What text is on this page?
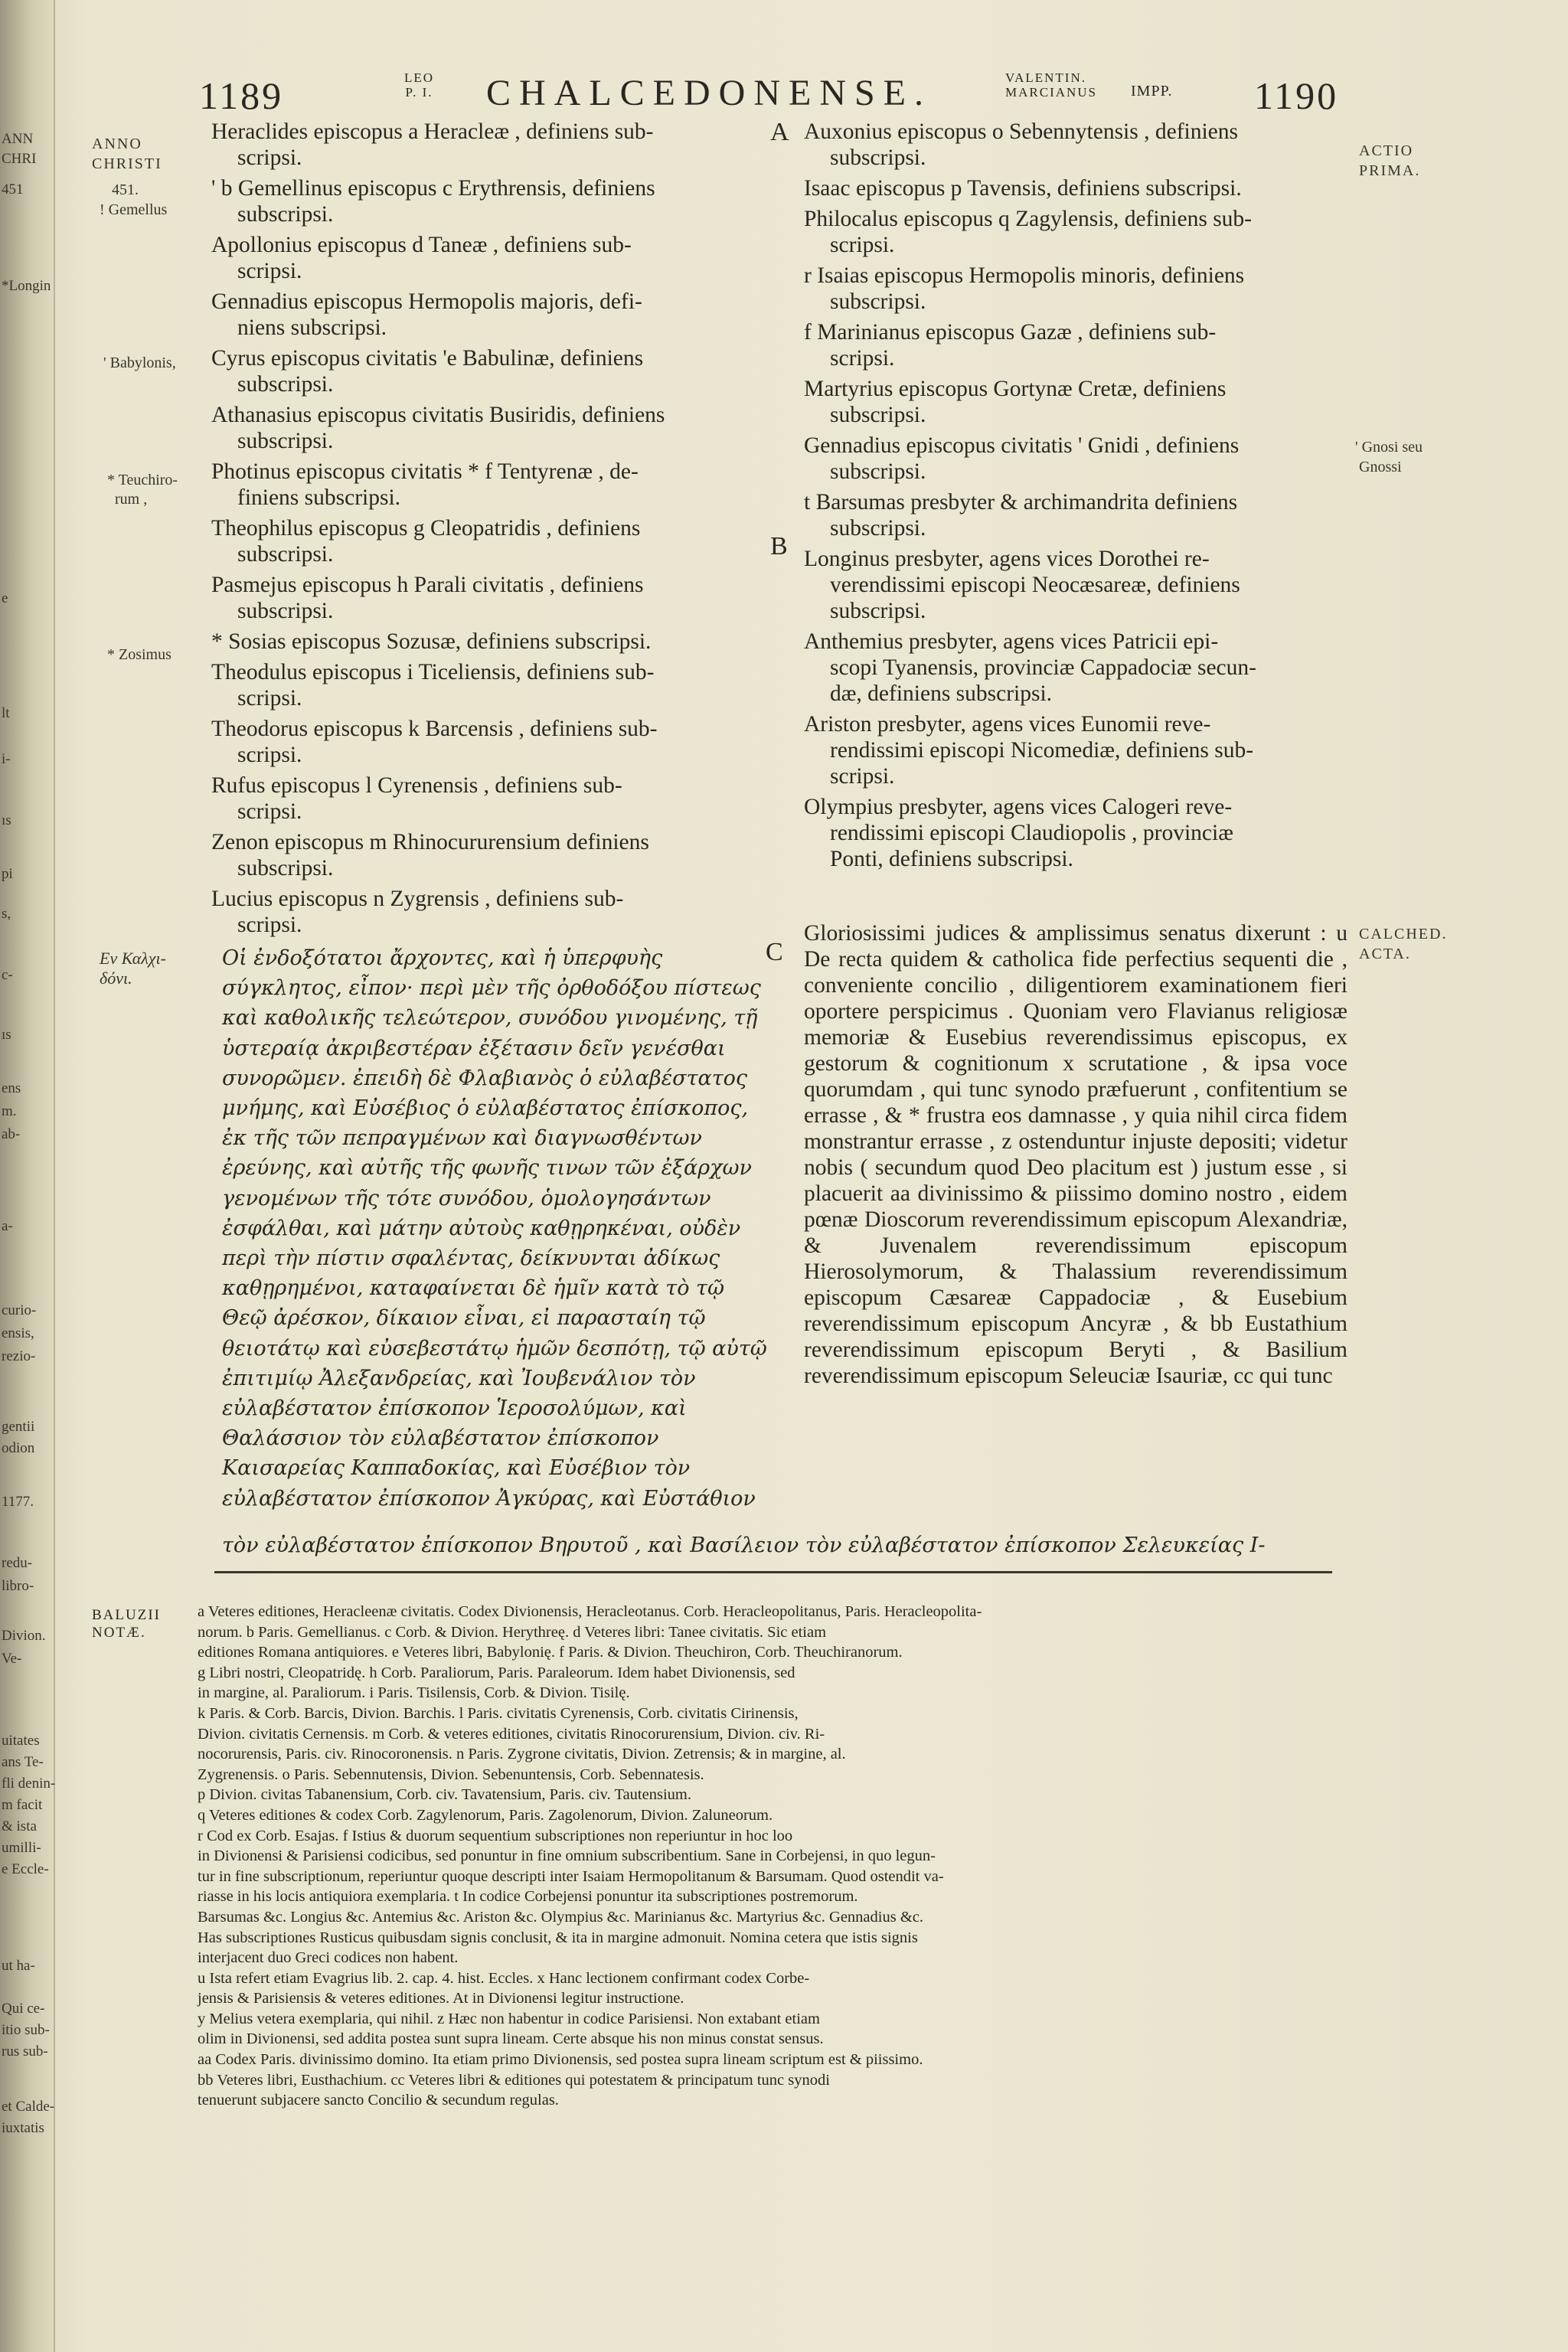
ANN
CHRI
451
*Longin
e
lt
i-
ıs
pi
s,
c-
ıs
ens
m.
ab-
a-
curio-
ensis,
rezio-
gentii
odion
1177.
redu-
libro-
Divion.
Ve-
uitates
ans Te-
fli denin-
m facit
& ista
umilli-
e Eccle-
ut ha-
Qui ce-
itio sub-
rus sub-
et Calde-
iuxtatis
1189	LEO
P. I. CHALCEDONENSE.	VALENTIN.
MARCIANUS IMPP. 1190
ANNO
CHRISTI
451.
! Gemellus
' Babylonis,
* Teuchiro-
rum ,
* Zosimus
Ev Καλχι-
δόνι.
ACTIO
PRIMA.
' Gnosi seu
Gnossi
CALCHED.
ACTA.
A
B
C

Heraclides episcopus a Heracleæ , definiens sub-

scripsi.

' b Gemellinus episcopus c Erythrensis, definiens

subscripsi.

Apollonius episcopus d Taneæ , definiens sub-

scripsi.

Gennadius episcopus Hermopolis majoris, defi-

niens subscripsi.

Cyrus episcopus civitatis 'e Babulinæ, definiens

subscripsi.

Athanasius episcopus civitatis Busiridis, definiens

subscripsi.

Photinus episcopus civitatis * f Tentyrenæ , de-

finiens subscripsi.

Theophilus episcopus g Cleopatridis , definiens

subscripsi.

Pasmejus episcopus h Parali civitatis , definiens

subscripsi.

* Sosias episcopus Sozusæ, definiens subscripsi.

Theodulus episcopus i Ticeliensis, definiens sub-

scripsi.

Theodorus episcopus k Barcensis , definiens sub-

scripsi.

Rufus episcopus l Cyrenensis , definiens sub-

scripsi.

Zenon episcopus m Rhinocururensium definiens

subscripsi.

Lucius episcopus n Zygrensis , definiens sub-

scripsi.

Auxonius episcopus o Sebennytensis , definiens

subscripsi.

Isaac episcopus p Tavensis, definiens subscripsi.

Philocalus episcopus q Zagylensis, definiens sub-

scripsi.

r Isaias episcopus Hermopolis minoris, definiens

subscripsi.

f Marinianus episcopus Gazæ , definiens sub-

scripsi.

Martyrius episcopus Gortynæ Cretæ, definiens

subscripsi.

Gennadius episcopus civitatis ' Gnidi , definiens

subscripsi.

t Barsumas presbyter & archimandrita definiens

subscripsi.

Longinus presbyter, agens vices Dorothei re-

verendissimi episcopi Neocæsareæ, definiens

subscripsi.

Anthemius presbyter, agens vices Patricii epi-

scopi Tyanensis, provinciæ Cappadociæ secun-

dæ, definiens subscripsi.

Ariston presbyter, agens vices Eunomii reve-

rendissimi episcopi Nicomediæ, definiens sub-

scripsi.

Olympius presbyter, agens vices Calogeri reve-

rendissimi episcopi Claudiopolis , provinciæ

Ponti, definiens subscripsi.

Οἱ ἐνδοξότατοι ἄρχοντες, καὶ ἡ ὑπερφυὴς σύγκλητος, εἶπον· περὶ μὲν τῆς ὀρθοδόξου πίστεως καὶ καθολικῆς τελεώτερον, συνόδου γινομένης, τῇ ὑστεραίᾳ ἀκριβεστέραν ἐξέτασιν δεῖν γενέσθαι συνορῶμεν. ἐπειδὴ δὲ Φλαβιανὸς ὁ εὐλαβέστατος μνήμης, καὶ Εὐσέβιος ὁ εὐλαβέστατος ἐπίσκοπος, ἐκ τῆς τῶν πεπραγμένων καὶ διαγνωσθέντων ἐρεύνης, καὶ αὐτῆς τῆς φωνῆς τινων τῶν ἐξάρχων γενομένων τῆς τότε συνόδου, ὁμολογησάντων ἐσφάλθαι, καὶ μάτην αὐτοὺς καθῃρηκέναι, οὐδὲν περὶ τὴν πίστιν σφαλέντας, δείκνυνται ἀδίκως καθῃρημένοι, καταφαίνεται δὲ ἡμῖν κατὰ τὸ τῷ Θεῷ ἀρέσκον, δίκαιον εἶναι, εἰ παρασταίη τῷ θειοτάτῳ καὶ εὐσεβεστάτῳ ἡμῶν δεσπότῃ, τῷ αὐτῷ ἐπιτιμίῳ Ἀλεξανδρείας, καὶ Ἰουβενάλιον τὸν εὐλαβέστατον ἐπίσκοπον Ἱεροσολύμων, καὶ Θαλάσσιον τὸν εὐλαβέστατον ἐπίσκοπον Καισαρείας Καππαδοκίας, καὶ Εὐσέβιον τὸν εὐλαβέστατον ἐπίσκοπον Ἀγκύρας, καὶ Εὐστάθιον
τὸν εὐλαβέστατον ἐπίσκοπον Βηρυτοῦ , καὶ Βασίλειον τὸν εὐλαβέστατον ἐπίσκοπον Σελευκείας Ι-
Gloriosissimi judices & amplissimus senatus dixerunt : u De recta quidem & catholica fide perfectius sequenti die , conveniente concilio , diligentiorem examinationem fieri oportere perspicimus . Quoniam vero Flavianus religiosæ memoriæ & Eusebius reverendissimus episcopus, ex gestorum & cognitionum x scrutatione , & ipsa voce quorumdam , qui tunc synodo præfuerunt , confitentium se errasse , & * frustra eos damnasse , y quia nihil circa fidem monstrantur errasse , z ostenduntur injuste depositi; videtur nobis ( secundum quod Deo placitum est ) justum esse , si placuerit aa divinissimo & piissimo domino nostro , eidem pœnæ Dioscorum reverendissimum episcopum Alexandriæ, & Juvenalem reverendissimum episcopum Hierosolymorum, & Thalassium reverendissimum episcopum Cæsareæ Cappadociæ , & Eusebium reverendissimum episcopum Ancyræ , & bb Eustathium reverendissimum episcopum Beryti , & Basilium reverendissimum episcopum Seleuciæ Isauriæ, cc qui tunc
BALUZII
NOTÆ.

a Veteres editiones, Heracleenæ civitatis. Codex Divionensis, Heracleotanus. Corb. Heracleopolitanus, Paris. Heracleopolita-

norum. b Paris. Gemellianus. c Corb. & Divion. Herythreę. d Veteres libri: Tanee civitatis. Sic etiam

editiones Romana antiquiores. e Veteres libri, Babylonię. f Paris. & Divion. Theuchiron, Corb. Theuchiranorum.

g Libri nostri, Cleopatridę. h Corb. Paraliorum, Paris. Paraleorum. Idem habet Divionensis, sed

in margine, al. Paraliorum. i Paris. Tisilensis, Corb. & Divion. Tisilę.

k Paris. & Corb. Barcis, Divion. Barchis. l Paris. civitatis Cyrenensis, Corb. civitatis Cirinensis,

Divion. civitatis Cernensis. m Corb. & veteres editiones, civitatis Rinocorurensium, Divion. civ. Ri-

nocorurensis, Paris. civ. Rinocoronensis. n Paris. Zygrone civitatis, Divion. Zetrensis; & in margine, al.

Zygrenensis. o Paris. Sebennutensis, Divion. Sebenuntensis, Corb. Sebennatesis.

p Divion. civitas Tabanensium, Corb. civ. Tavatensium, Paris. civ. Tautensium.

q Veteres editiones & codex Corb. Zagylenorum, Paris. Zagolenorum, Divion. Zaluneorum.

r Cod ex Corb. Esajas. f Istius & duorum sequentium subscriptiones non reperiuntur in hoc loo

in Divionensi & Parisiensi codicibus, sed ponuntur in fine omnium subscribentium. Sane in Corbejensi, in quo legun-

tur in fine subscriptionum, reperiuntur quoque descripti inter Isaiam Hermopolitanum & Barsumam. Quod ostendit va-

riasse in his locis antiquiora exemplaria. t In codice Corbejensi ponuntur ita subscriptiones postremorum.

Barsumas &c. Longius &c. Antemius &c. Ariston &c. Olympius &c. Marinianus &c. Martyrius &c. Gennadius &c.

Has subscriptiones Rusticus quibusdam signis conclusit, & ita in margine admonuit. Nomina cetera que istis signis

interjacent duo Greci codices non habent.

u Ista refert etiam Evagrius lib. 2. cap. 4. hist. Eccles. x Hanc lectionem confirmant codex Corbe-

jensis & Parisiensis & veteres editiones. At in Divionensi legitur instructione.

y Melius vetera exemplaria, qui nihil. z Hæc non habentur in codice Parisiensi. Non extabant etiam

olim in Divionensi, sed addita postea sunt supra lineam. Certe absque his non minus constat sensus.

aa Codex Paris. divinissimo domino. Ita etiam primo Divionensis, sed postea supra lineam scriptum est & piissimo.

bb Veteres libri, Eusthachium. cc Veteres libri & editiones qui potestatem & principatum tunc synodi

tenuerunt subjacere sancto Concilio & secundum regulas.
